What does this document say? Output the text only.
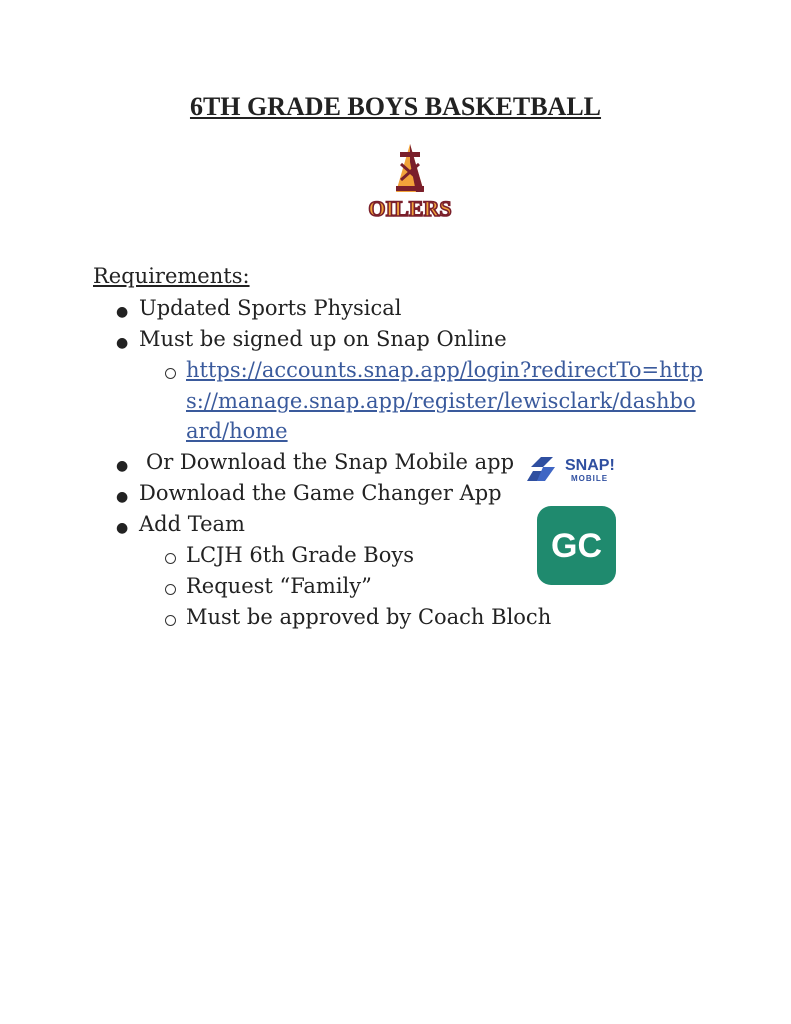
6TH GRADE BOYS BASKETBALL
OILERS
Requirements:
● Updated Sports Physical
● Must be signed up on Snap Online
https://accounts.snap.app/login?redirectTo=http
s://manage.snap.app/register/lewisclark/dashbo
ard/home
● Or Download the Snap Mobile app
● Download the Game Changer App
● Add Team
LCJH 6th Grade Boys
Request “Family”
Must be approved by Coach Bloch
SNAP!
MOBILE
GC
